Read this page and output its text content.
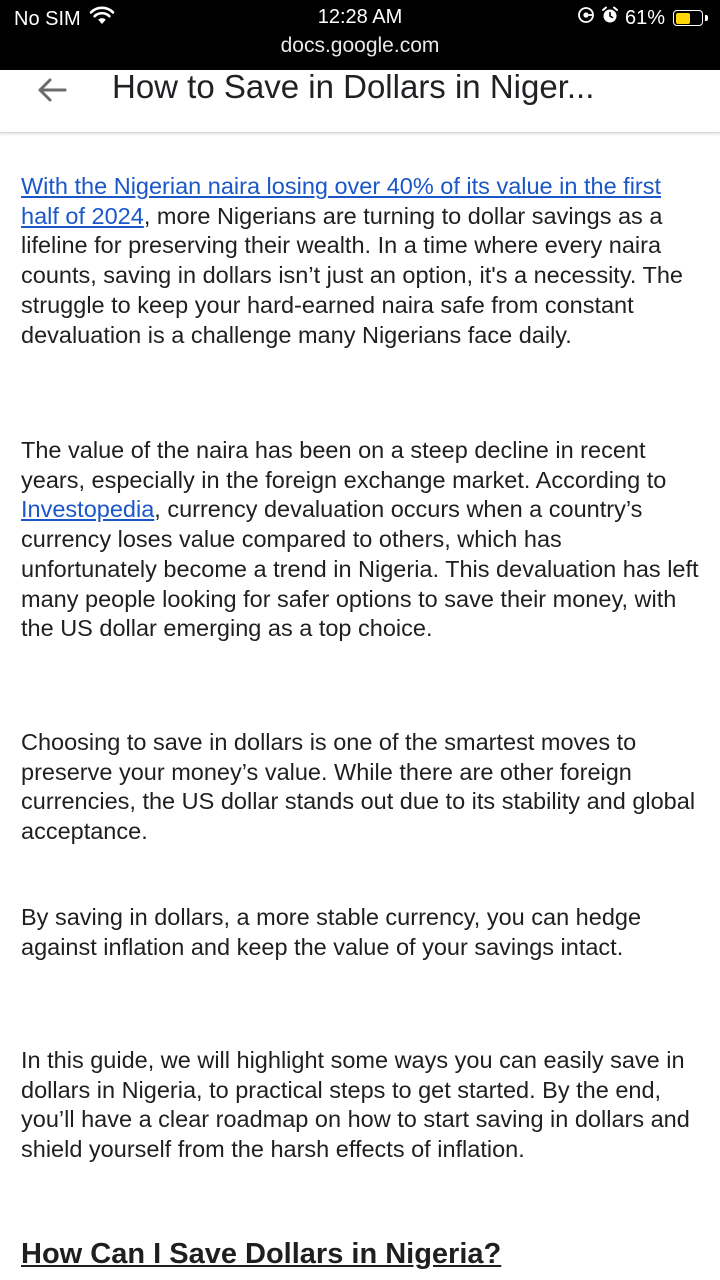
No SIM	12:28 AM
docs.google.com
61%
How to Save in Dollars in Niger...

With the Nigerian naira losing over 40% of its value in the first half of 2024, more Nigerians are turning to dollar savings as a lifeline for preserving their wealth. In a time where every naira counts, saving in dollars isn’t just an option, it's a necessity. The struggle to keep your hard-earned naira safe from constant devaluation is a challenge many Nigerians face daily.

The value of the naira has been on a steep decline in recent years, especially in the foreign exchange market. According to Investopedia, currency devaluation occurs when a country’s currency loses value compared to others, which has unfortunately become a trend in Nigeria. This devaluation has left many people looking for safer options to save their money, with the US dollar emerging as a top choice.

Choosing to save in dollars is one of the smartest moves to preserve your money’s value. While there are other foreign currencies, the US dollar stands out due to its stability and global acceptance.

By saving in dollars, a more stable currency, you can hedge against inflation and keep the value of your savings intact.

In this guide, we will highlight some ways you can easily save in dollars in Nigeria, to practical steps to get started. By the end, you’ll have a clear roadmap on how to start saving in dollars and shield yourself from the harsh effects of inflation.

How Can I Save Dollars in Nigeria?
